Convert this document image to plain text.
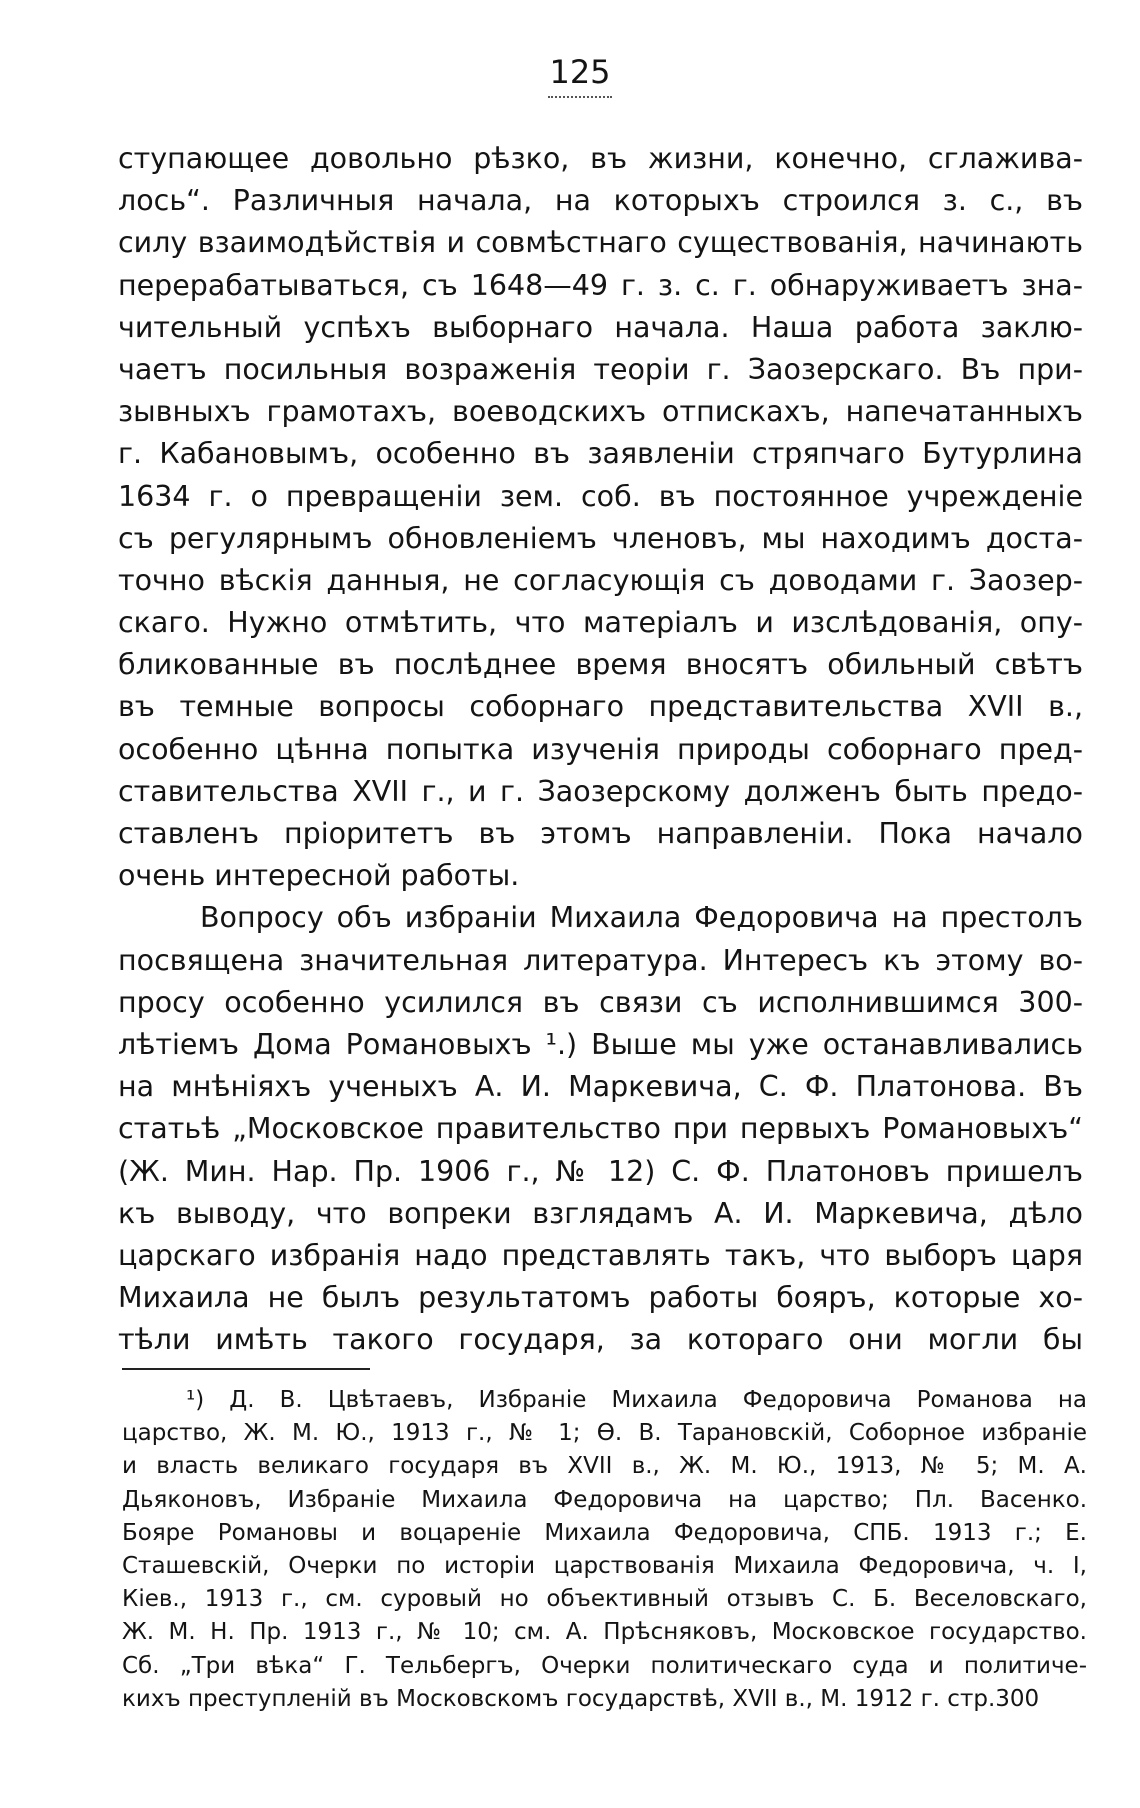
125
ступающее довольно рѣзко, въ жизни, конечно, сглажива-
лось“. Различныя начала, на которыхъ строился з. с., въ
силу взаимодѣйствія и совмѣстнаго существованія, начинають
перерабатываться, съ 1648—49 г. з. с. г. обнаруживаетъ зна-
чительный успѣхъ выборнаго начала. Наша работа заклю-
чаетъ посильныя возраженія теоріи г. Заозерскаго. Въ при-
зывныхъ грамотахъ, воеводскихъ отпискахъ, напечатанныхъ
г. Кабановымъ, особенно въ заявленіи стряпчаго Бутурлина
1634 г. о превращеніи зем. соб. въ постоянное учрежденіе
съ регулярнымъ обновленіемъ членовъ, мы находимъ доста-
точно вѣскія данныя, не согласующія съ доводами г. Заозер-
скаго. Нужно отмѣтить, что матеріалъ и изслѣдованія, опу-
бликованные въ послѣднее время вносятъ обильный свѣтъ
въ темные вопросы соборнаго представительства XVII в.,
особенно цѣнна попытка изученія природы соборнаго пред-
ставительства XVII г., и г. Заозерскому долженъ быть предо-
ставленъ пріоритетъ въ этомъ направленіи. Пока начало
очень интересной работы.
Вопросу объ избраніи Михаила Федоровича на престолъ
посвящена значительная литература. Интересъ къ этому во-
просу особенно усилился въ связи съ исполнившимся 300-
лѣтіемъ Дома Романовыхъ ¹.) Выше мы уже останавливались
на мнѣніяхъ ученыхъ А. И. Маркевича, С. Ф. Платонова. Въ
статьѣ „Московское правительство при первыхъ Романовыхъ“
(Ж. Мин. Нар. Пр. 1906 г., № 12) С. Ф. Платоновъ пришелъ
къ выводу, что вопреки взглядамъ А. И. Маркевича, дѣло
царскаго избранія надо представлять такъ, что выборъ царя
Михаила не былъ результатомъ работы бояръ, которые хо-
тѣли имѣть такого государя, за котораго они могли бы
¹) Д. В. Цвѣтаевъ, Избраніе Михаила Федоровича Романова на
царство, Ж. М. Ю., 1913 г., № 1; Ѳ. В. Тарановскій, Соборное избраніе
и власть великаго государя въ XVII в., Ж. М. Ю., 1913, № 5; М. А.
Дьяконовъ, Избраніе Михаила Федоровича на царство; Пл. Васенко.
Бояре Романовы и воцареніе Михаила Федоровича, СПБ. 1913 г.; Е.
Сташевскій, Очерки по исторіи царствованія Михаила Федоровича, ч. I,
Кіев., 1913 г., см. суровый но объективный отзывъ С. Б. Веселовскаго,
Ж. М. Н. Пр. 1913 г., № 10; см. А. Прѣсняковъ, Московское государство.
Сб. „Три вѣка“ Г. Тельбергъ, Очерки политическаго суда и политиче-
кихъ преступленій въ Московскомъ государствѣ, XVII в., М. 1912 г. стр.300
